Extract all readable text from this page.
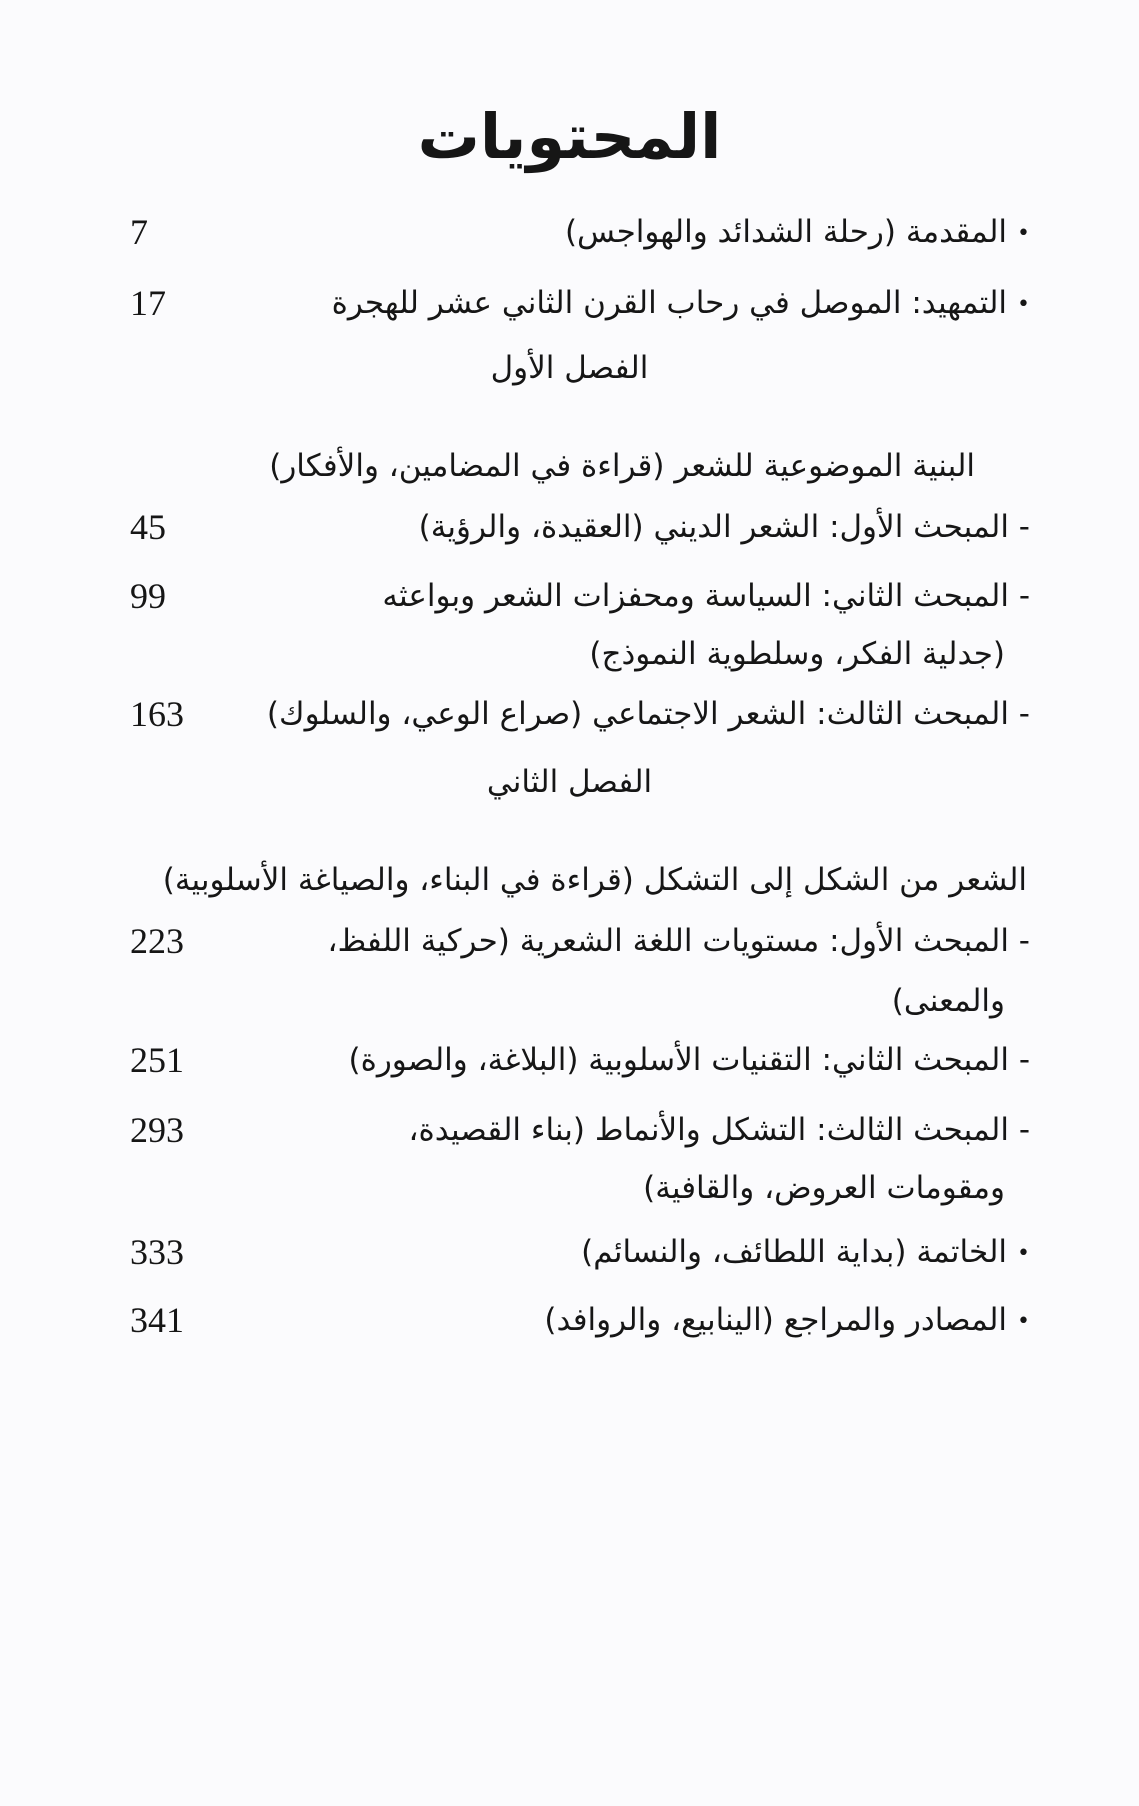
المحتويات
•المقدمة (رحلة الشدائد والهواجس)
7
•التمهيد: الموصل في رحاب القرن الثاني عشر للهجرة
17
الفصل الأول
البنية الموضوعية للشعر (قراءة في المضامين، والأفكار)
- المبحث الأول: الشعر الديني (العقيدة، والرؤية)
45
- المبحث الثاني: السياسة ومحفزات الشعر وبواعثه
99
(جدلية الفكر، وسلطوية النموذج)
- المبحث الثالث: الشعر الاجتماعي (صراع الوعي، والسلوك)
163
الفصل الثاني
الشعر من الشكل إلى التشكل (قراءة في البناء، والصياغة الأسلوبية)
- المبحث الأول: مستويات اللغة الشعرية (حركية اللفظ،
223
والمعنى)
- المبحث الثاني: التقنيات الأسلوبية (البلاغة، والصورة)
251
- المبحث الثالث: التشكل والأنماط (بناء القصيدة،
293
ومقومات العروض، والقافية)
•الخاتمة (بداية اللطائف، والنسائم)
333
•المصادر والمراجع (الينابيع، والروافد)
341
